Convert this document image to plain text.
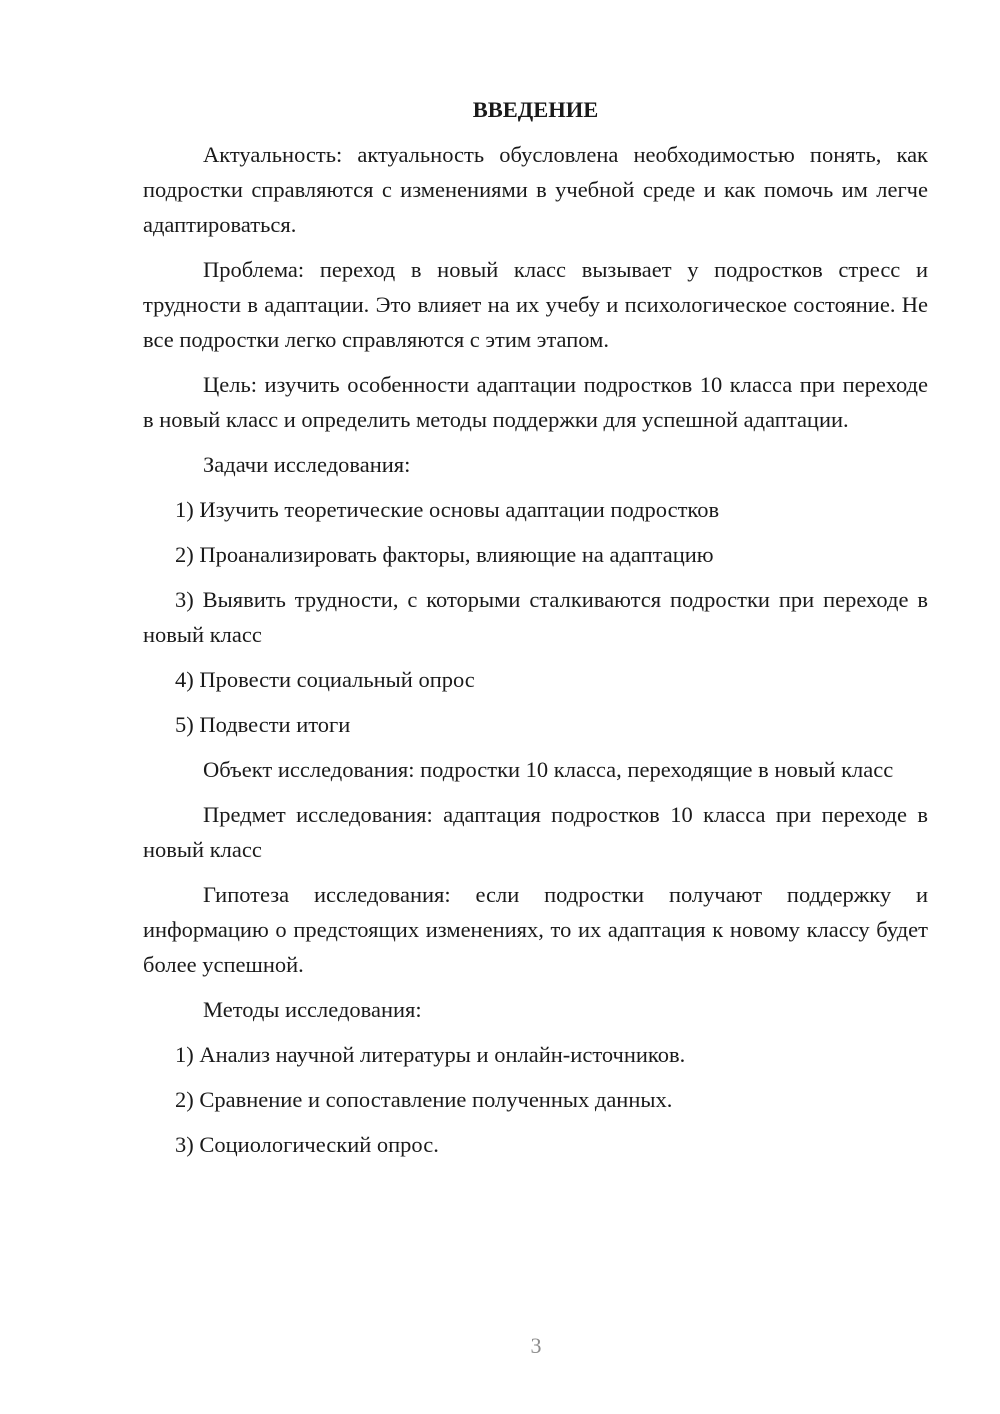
ВВЕДЕНИЕ

Актуальность: актуальность обусловлена необходимостью понять, как подростки справляются с изменениями в учебной среде и как помочь им легче адаптироваться.

Проблема: переход в новый класс вызывает у подростков стресс и трудности в адаптации. Это влияет на их учебу и психологическое состояние. Не все подростки легко справляются с этим этапом.

Цель: изучить особенности адаптации подростков 10 класса при переходе в новый класс и определить методы поддержки для успешной адаптации.

Задачи исследования:

1) Изучить теоретические основы адаптации подростков

2) Проанализировать факторы, влияющие на адаптацию

3) Выявить трудности, с которыми сталкиваются подростки при переходе в новый класс

4) Провести социальный опрос

5) Подвести итоги

Объект исследования: подростки 10 класса, переходящие в новый класс

Предмет исследования: адаптация подростков 10 класса при переходе в новый класс

Гипотеза исследования: если подростки получают поддержку и информацию о предстоящих изменениях, то их адаптация к новому классу будет более успешной.

Методы исследования:

1) Анализ научной литературы и онлайн-источников.

2) Сравнение и сопоставление полученных данных.

3) Социологический опрос.

3
